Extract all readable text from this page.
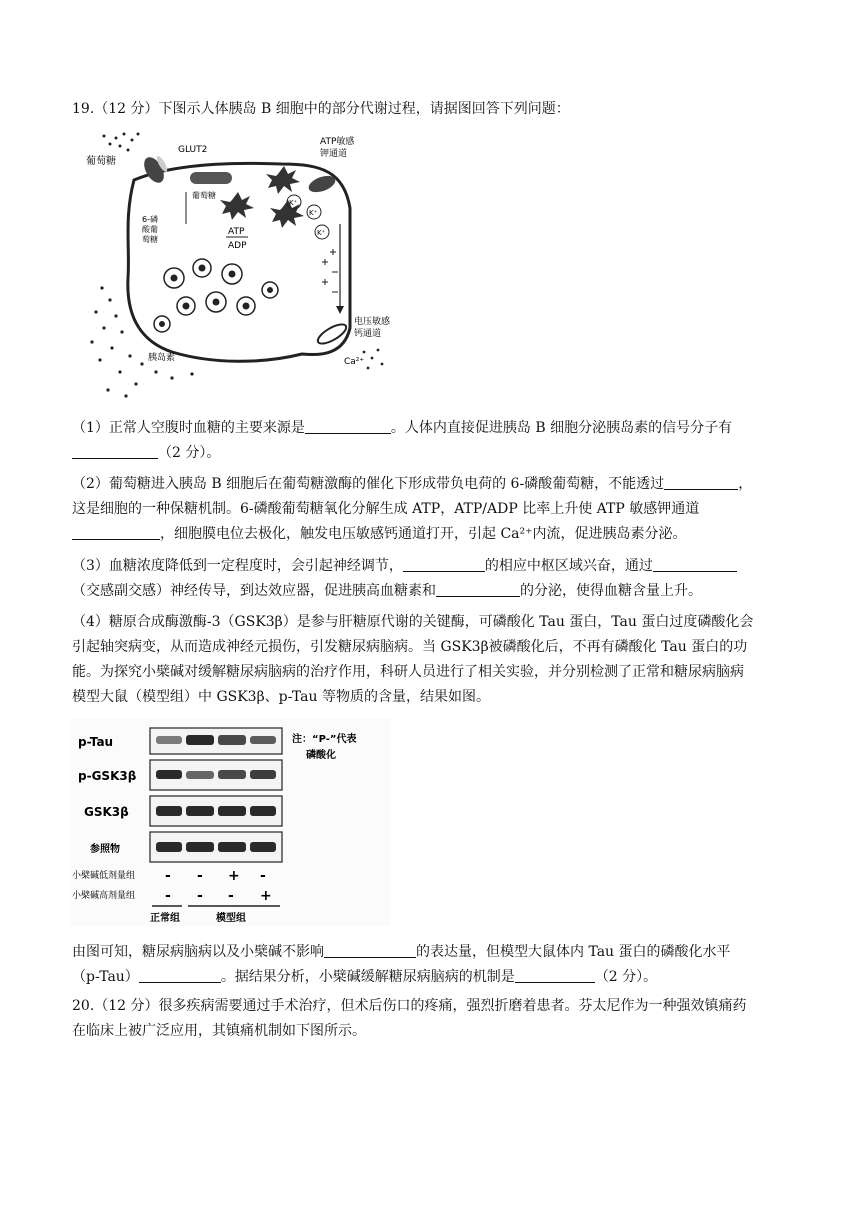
19.（12 分）下图示人体胰岛 B 细胞中的部分代谢过程，请据图回答下列问题：
葡萄糖
GLUT2
ATP敏感
钾通道
葡萄糖
6-磷
酸葡
萄糖
ATP
ADP
K⁺
K⁺
K⁺
电压敏感
钙通道
Ca²⁺
胰岛素

（1）正常人空腹时血糖的主要来源是	。人体内直接促进胰岛 B 细胞分泌胰岛素的信号分子有

（2 分）。

（2）葡萄糖进入胰岛 B 细胞后在葡萄糖激酶的催化下形成带负电荷的 6-磷酸葡萄糖，不能透过	，

这是细胞的一种保糖机制。6-磷酸葡萄糖氧化分解生成 ATP，ATP/ADP 比率上升使 ATP 敏感钾通道

，细胞膜电位去极化，触发电压敏感钙通道打开，引起 Ca²⁺内流，促进胰岛素分泌。

（3）血糖浓度降低到一定程度时，会引起神经调节，	的相应中枢区域兴奋，通过

（交感副交感）神经传导，到达效应器，促进胰高血糖素和	的分泌，使得血糖含量上升。

（4）糖原合成酶激酶-3（GSK3β）是参与肝糖原代谢的关键酶，可磷酸化 Tau 蛋白，Tau 蛋白过度磷酸化会

引起轴突病变，从而造成神经元损伤，引发糖尿病脑病。当 GSK3β被磷酸化后，不再有磷酸化 Tau 蛋白的功

能。为探究小檗碱对缓解糖尿病脑病的治疗作用，科研人员进行了相关实验，并分别检测了正常和糖尿病脑病

模型大鼠（模型组）中 GSK3β、p-Tau 等物质的含量，结果如图。

p-Tau
p-GSK3β
GSK3β
参照物
注：“P-”代表
磷酸化
小檗碱低剂量组
小檗碱高剂量组
- - + -
- - - +
正常组	模型组

由图可知，糖尿病脑病以及小檗碱不影响	的表达量，但模型大鼠体内 Tau 蛋白的磷酸化水平

（p-Tau）	。据结果分析，小檗碱缓解糖尿病脑病的机制是	（2 分）。

20.（12 分）很多疾病需要通过手术治疗，但术后伤口的疼痛，强烈折磨着患者。芬太尼作为一种强效镇痛药

在临床上被广泛应用，其镇痛机制如下图所示。
